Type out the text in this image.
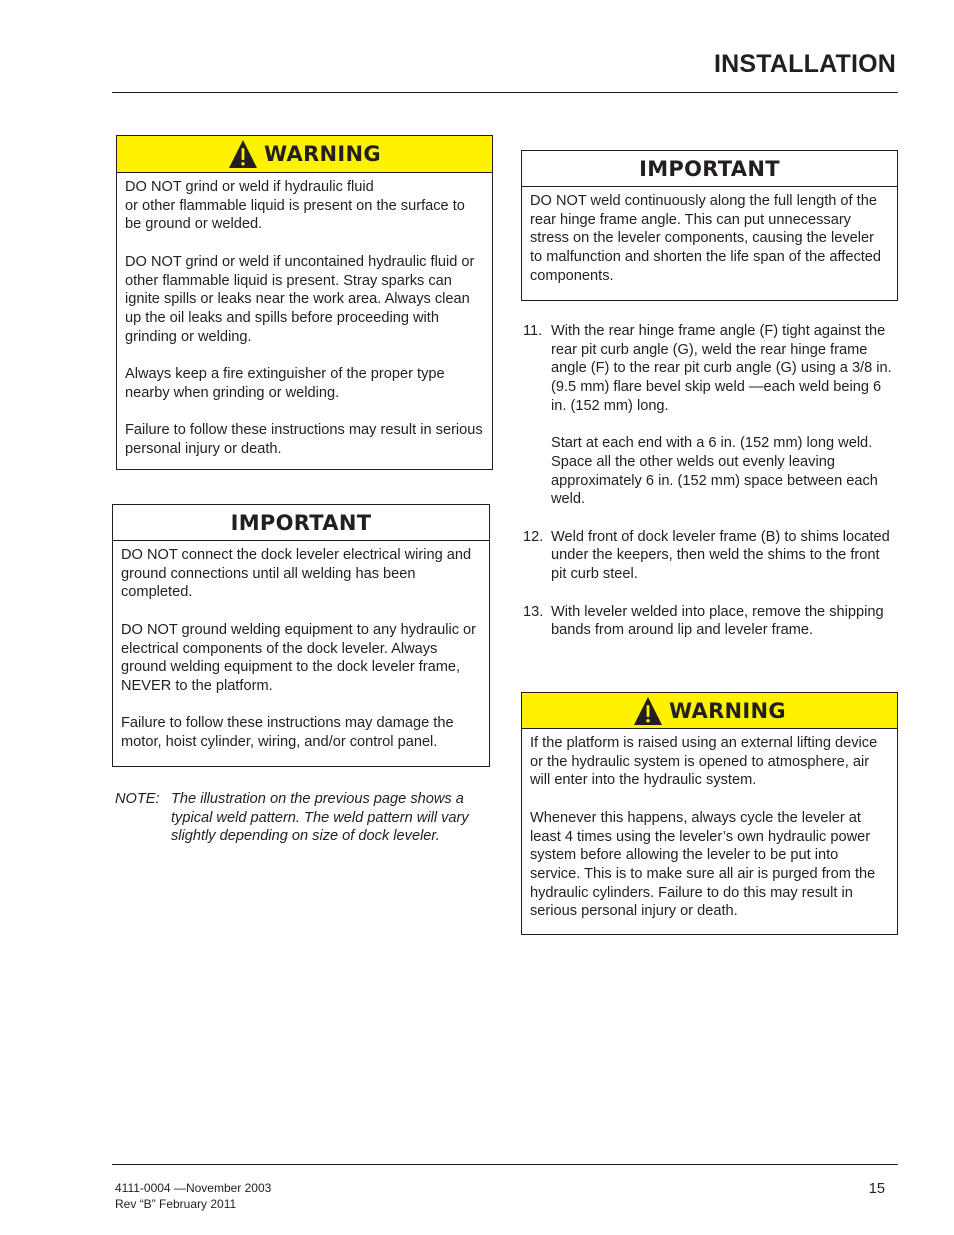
INSTALLATION
WARNING

DO NOT grind or weld if hydraulic fluid
or other flammable liquid is present on the surface to be ground or welded.

DO NOT grind or weld if uncontained hydraulic fluid or other flammable liquid is present. Stray sparks can ignite spills or leaks near the work area. Always clean up the oil leaks and spills before proceeding with grinding or welding.

Always keep a fire extinguisher of the proper type nearby when grinding or welding.

Failure to follow these instructions may result in serious personal injury or death.

IMPORTANT

DO NOT connect the dock leveler electrical wiring and ground connections until all welding has been completed.

DO NOT ground welding equipment to any hydraulic or electrical components of the dock leveler. Always ground welding equipment to the dock leveler frame, NEVER to the platform.

Failure to follow these instructions may damage the motor, hoist cylinder, wiring, and/or control panel.

NOTE: The illustration on the previous page shows a typical weld pattern. The weld pattern will vary slightly depending on size of dock leveler.
IMPORTANT

DO NOT weld continuously along the full length of the rear hinge frame angle. This can put unnecessary stress on the leveler components, causing the leveler to malfunction and shorten the life span of the affected components.

11. With the rear hinge frame angle (F) tight against the rear pit curb angle (G), weld the rear hinge frame angle (F) to the rear pit curb angle (G) using a 3/8 in. (9.5 mm) flare bevel skip weld —each weld being 6 in. (152 mm) long.

Start at each end with a 6 in. (152 mm) long weld. Space all the other welds out evenly leaving approximately 6 in. (152 mm) space between each weld.

12. Weld front of dock leveler frame (B) to shims located under the keepers, then weld the shims to the front pit curb steel.

13. With leveler welded into place, remove the shipping bands from around lip and leveler frame.

WARNING

If the platform is raised using an external lifting device or the hydraulic system is opened to atmosphere, air will enter into the hydraulic system.

Whenever this happens, always cycle the leveler at least 4 times using the leveler’s own hydraulic power system before allowing the leveler to be put into service. This is to make sure all air is purged from the hydraulic cylinders. Failure to do this may result in serious personal injury or death.

4111-0004 —November 2003
Rev “B” February 2011
15
